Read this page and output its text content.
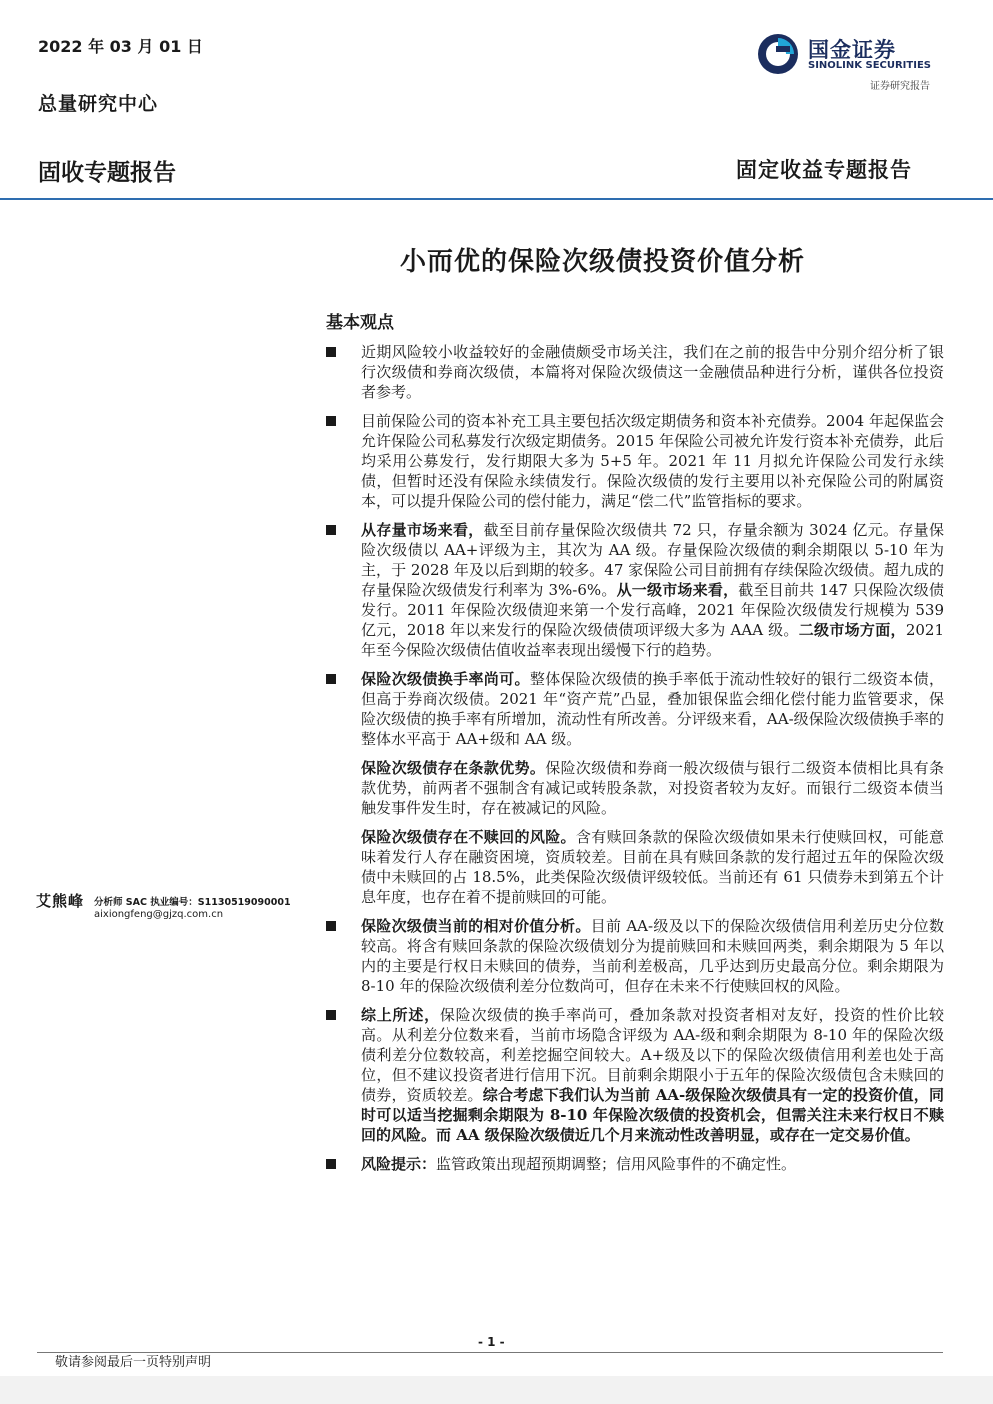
2022 年 03 月 01 日
总量研究中心
国金证券
SINOLINK SECURITIES
证券研究报告
固收专题报告	固定收益专题报告
小而优的保险次级债投资价值分析
基本观点

近期风险较小收益较好的金融债颇受市场关注，我们在之前的报告中分别介绍分析了银行次级债和券商次级债，本篇将对保险次级债这一金融债品种进行分析，谨供各位投资者参考。

目前保险公司的资本补充工具主要包括次级定期债务和资本补充债券。2004 年起保监会允许保险公司私募发行次级定期债务。2015 年保险公司被允许发行资本补充债券，此后均采用公募发行，发行期限大多为 5+5 年。2021 年 11 月拟允许保险公司发行永续债，但暂时还没有保险永续债发行。保险次级债的发行主要用以补充保险公司的附属资本，可以提升保险公司的偿付能力，满足“偿二代”监管指标的要求。

从存量市场来看，截至目前存量保险次级债共 72 只，存量余额为 3024 亿元。存量保险次级债以 AA+评级为主，其次为 AA 级。存量保险次级债的剩余期限以 5-10 年为主，于 2028 年及以后到期的较多。47 家保险公司目前拥有存续保险次级债。超九成的存量保险次级债发行利率为 3%-6%。从一级市场来看，截至目前共 147 只保险次级债发行。2011 年保险次级债迎来第一个发行高峰，2021 年保险次级债发行规模为 539 亿元，2018 年以来发行的保险次级债债项评级大多为 AAA 级。二级市场方面，2021 年至今保险次级债估值收益率表现出缓慢下行的趋势。

保险次级债换手率尚可。整体保险次级债的换手率低于流动性较好的银行二级资本债，但高于券商次级债。2021 年“资产荒”凸显，叠加银保监会细化偿付能力监管要求，保险次级债的换手率有所增加，流动性有所改善。分评级来看，AA-级保险次级债换手率的整体水平高于 AA+级和 AA 级。

保险次级债存在条款优势。保险次级债和券商一般次级债与银行二级资本债相比具有条款优势，前两者不强制含有减记或转股条款，对投资者较为友好。而银行二级资本债当触发事件发生时，存在被减记的风险。

保险次级债存在不赎回的风险。含有赎回条款的保险次级债如果未行使赎回权，可能意味着发行人存在融资困境，资质较差。目前在具有赎回条款的发行超过五年的保险次级债中未赎回的占 18.5%，此类保险次级债评级较低。当前还有 61 只债券未到第五个计息年度，也存在着不提前赎回的可能。

保险次级债当前的相对价值分析。目前 AA-级及以下的保险次级债信用利差历史分位数较高。将含有赎回条款的保险次级债划分为提前赎回和未赎回两类，剩余期限为 5 年以内的主要是行权日未赎回的债券，当前利差极高，几乎达到历史最高分位。剩余期限为 8-10 年的保险次级债利差分位数尚可，但存在未来不行使赎回权的风险。

综上所述，保险次级债的换手率尚可，叠加条款对投资者相对友好，投资的性价比较高。从利差分位数来看，当前市场隐含评级为 AA-级和剩余期限为 8-10 年的保险次级债利差分位数较高，利差挖掘空间较大。A+级及以下的保险次级债信用利差也处于高位，但不建议投资者进行信用下沉。目前剩余期限小于五年的保险次级债包含未赎回的债券，资质较差。综合考虑下我们认为当前 AA-级保险次级债具有一定的投资价值，同时可以适当挖掘剩余期限为 8-10 年保险次级债的投资机会，但需关注未来行权日不赎回的风险。而 AA 级保险次级债近几个月来流动性改善明显，或存在一定交易价值。

风险提示：监管政策出现超预期调整；信用风险事件的不确定性。

艾熊峰	分析师 SAC 执业编号：S1130519090001
aixiongfeng@gjzq.com.cn
- 1 -
敬请参阅最后一页特别声明
